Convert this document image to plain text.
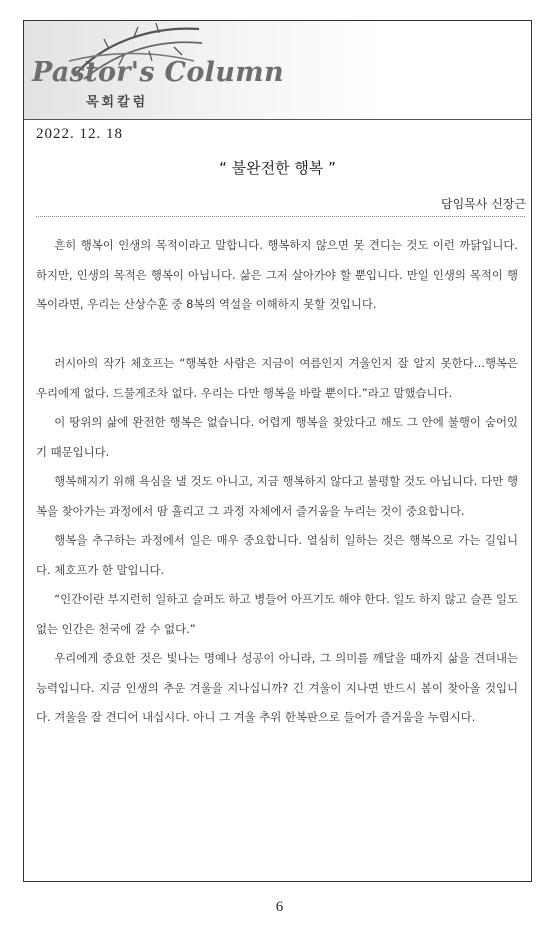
Pastor's Column
목회칼럼
2022. 12. 18
“ 불완전한 행복 ”
담임목사 신장근

흔히 행복이 인생의 목적이라고 말합니다. 행복하지 않으면 못 견디는 것도 이런 까닭입니다. 하지만, 인생의 목적은 행복이 아닙니다. 삶은 그저 살아가야 할 뿐입니다. 만일 인생의 목적이 행복이라면, 우리는 산상수훈 중 8복의 역설을 이해하지 못할 것입니다.

러시아의 작가 체호프는 “행복한 사람은 지금이 여름인지 겨울인지 잘 알지 못한다…행복은 우리에게 없다. 드물게조차 없다. 우리는 다만 행복을 바랄 뿐이다.”라고 말했습니다.

이 땅위의 삶에 완전한 행복은 없습니다. 어렵게 행복을 찾았다고 해도 그 안에 불행이 숨어있기 때문입니다.

행복해지기 위해 욕심을 낼 것도 아니고, 지금 행복하지 않다고 불평할 것도 아닙니다. 다만 행복을 찾아가는 과정에서 땀 흘리고 그 과정 자체에서 즐거움을 누리는 것이 중요합니다.

행복을 추구하는 과정에서 일은 매우 중요합니다. 열심히 일하는 것은 행복으로 가는 길입니다. 체호프가 한 말입니다.

“인간이란 부지런히 일하고 슬퍼도 하고 병들어 아프기도 해야 한다. 일도 하지 않고 슬픈 일도 없는 인간은 천국에 갈 수 없다.”

우리에게 중요한 것은 빛나는 명예나 성공이 아니라, 그 의미를 깨달을 때까지 삶을 견뎌내는 능력입니다. 지금 인생의 추운 겨울을 지나십니까? 긴 겨울이 지나면 반드시 봄이 찾아올 것입니다. 겨울을 잘 견디어 내십시다. 아니 그 겨울 추위 한복판으로 들어가 즐거움을 누립시다.

6
